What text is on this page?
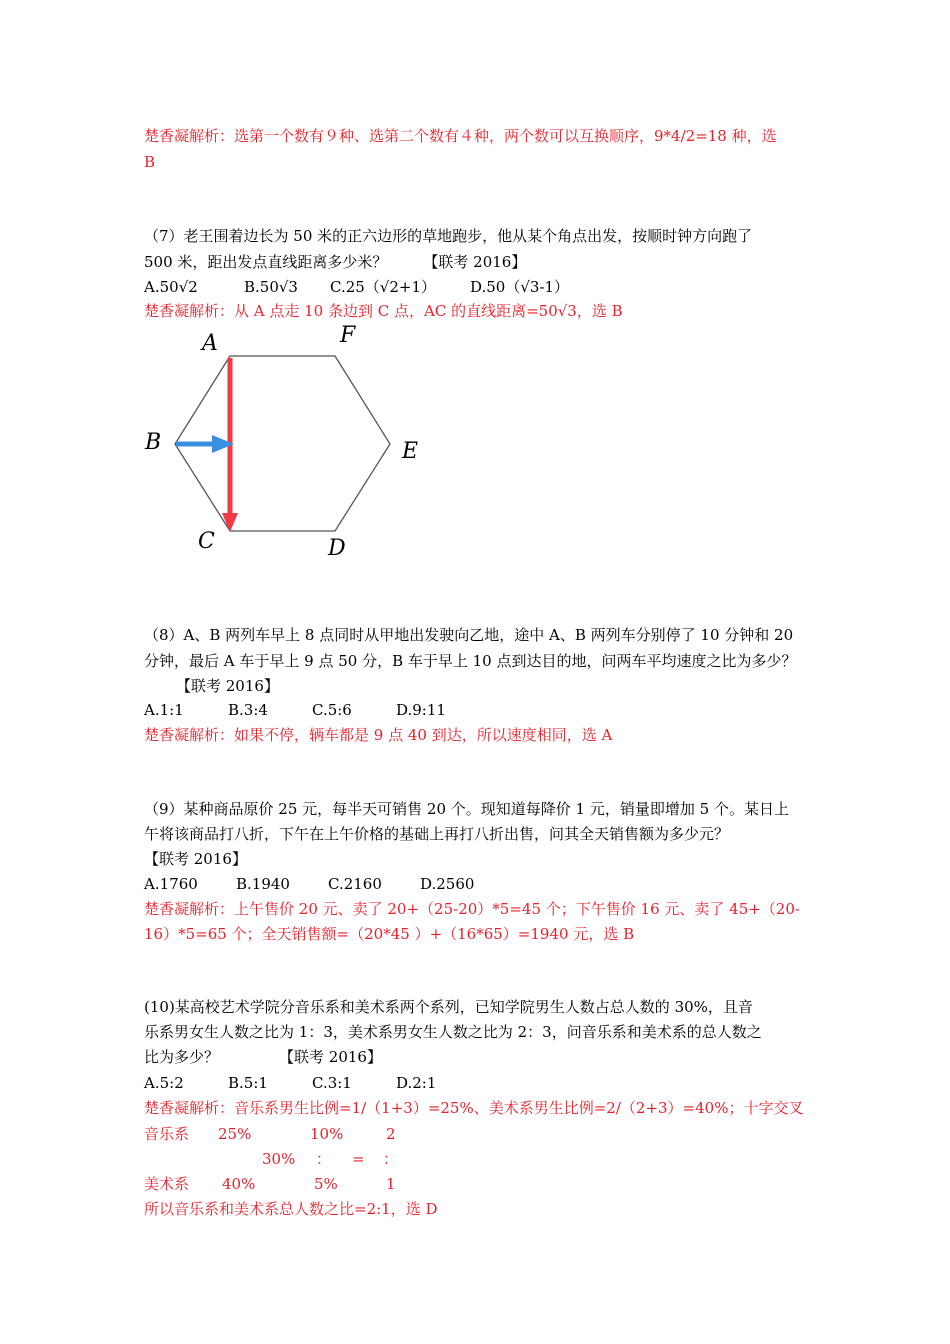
楚香凝解析：选第一个数有９种、选第二个数有４种，两个数可以互换顺序，9*4/2=18 种，选
B
（7）老王围着边长为 50 米的正六边形的草地跑步，他从某个角点出发，按顺时钟方向跑了
500 米，距出发点直线距离多少米？ 【联考 2016】
A.50√2	B.50√3 C.25（√2+1） D.50（√3-1）
楚香凝解析：从 A 点走 10 条边到 C 点，AC 的直线距离=50√3，选 B
A	F
B	E
C	D
（8）A、B 两列车早上 8 点同时从甲地出发驶向乙地，途中 A、B 两列车分别停了 10 分钟和 20
分钟，最后 A 车于早上 9 点 50 分，B 车于早上 10 点到达目的地，问两车平均速度之比为多少？
【联考 2016】
A.1:1	B.3:4	C.5:6	D.9:11
楚香凝解析：如果不停，辆车都是 9 点 40 到达，所以速度相同，选 A
（9）某种商品原价 25 元，每半天可销售 20 个。现知道每降价 1 元，销量即增加 5 个。某日上
午将该商品打八折，下午在上午价格的基础上再打八折出售，问其全天销售额为多少元？
【联考 2016】
A.1760	B.1940	C.2160	D.2560
楚香凝解析：上午售价 20 元、卖了 20+（25-20）*5=45 个；下午售价 16 元、卖了 45+（20-
16）*5=65 个；全天销售额=（20*45 ）+（16*65）=1940 元，选 B
(10)某高校艺术学院分音乐系和美术系两个系列，已知学院男生人数占总人数的 30%，且音
乐系男女生人数之比为 1：3，美术系男女生人数之比为 2：3，问音乐系和美术系的总人数之
比为多少？	【联考 2016】
A.5:2	B.5:1	C.3:1	D.2:1
楚香凝解析：音乐系男生比例=1/（1+3）=25%、美术系男生比例=2/（2+3）=40%；十字交叉
音乐系 25%	10%	2
30% ： = ：
美术系 40%	5%	1
所以音乐系和美术系总人数之比=2:1，选 D
